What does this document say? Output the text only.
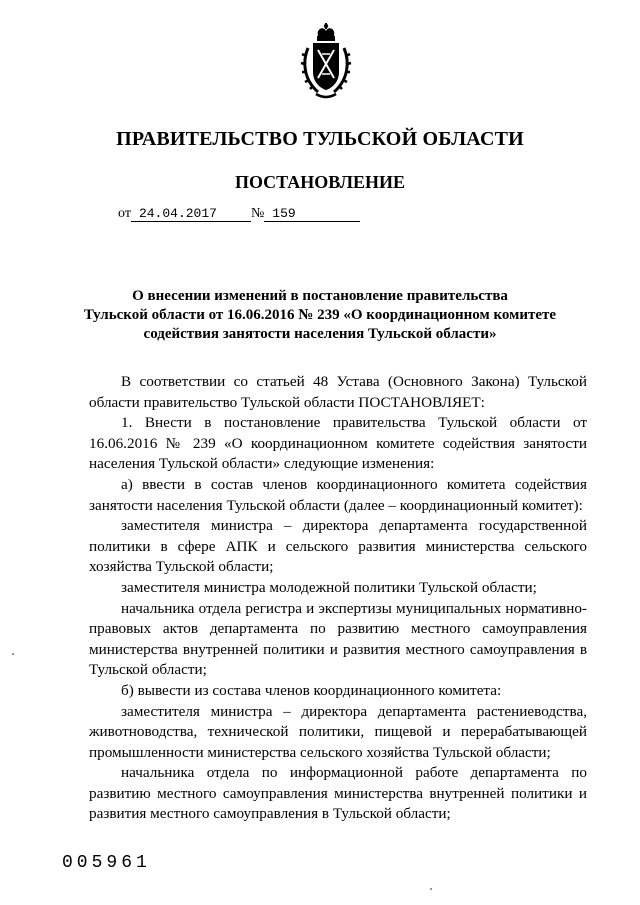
ПРАВИТЕЛЬСТВО ТУЛЬСКОЙ ОБЛАСТИ
ПОСТАНОВЛЕНИЕ
от 24.04.2017 № 159
О внесении изменений в постановление правительства
Тульской области от 16.06.2016 № 239 «О координационном комитете
содействия занятости населения Тульской области»

В соответствии со статьей 48 Устава (Основного Закона) Тульской области правительство Тульской области ПОСТАНОВЛЯЕТ:

1. Внести в постановление правительства Тульской области от 16.06.2016 № 239 «О координационном комитете содействия занятости населения Тульской области» следующие изменения:

а) ввести в состав членов координационного комитета содействия занятости населения Тульской области (далее – координационный комитет):

заместителя министра – директора департамента государственной политики в сфере АПК и сельского развития министерства сельского хозяйства Тульской области;

заместителя министра молодежной политики Тульской области;

начальника отдела регистра и экспертизы муниципальных нормативно-правовых актов департамента по развитию местного самоуправления министерства внутренней политики и развития местного самоуправления в Тульской области;

б) вывести из состава членов координационного комитета:

заместителя министра – директора департамента растениеводства, животноводства, технической политики, пищевой и перерабатывающей промышленности министерства сельского хозяйства Тульской области;

начальника отдела по информационной работе департамента по развитию местного самоуправления министерства внутренней политики и развития местного самоуправления в Тульской области;

005961
